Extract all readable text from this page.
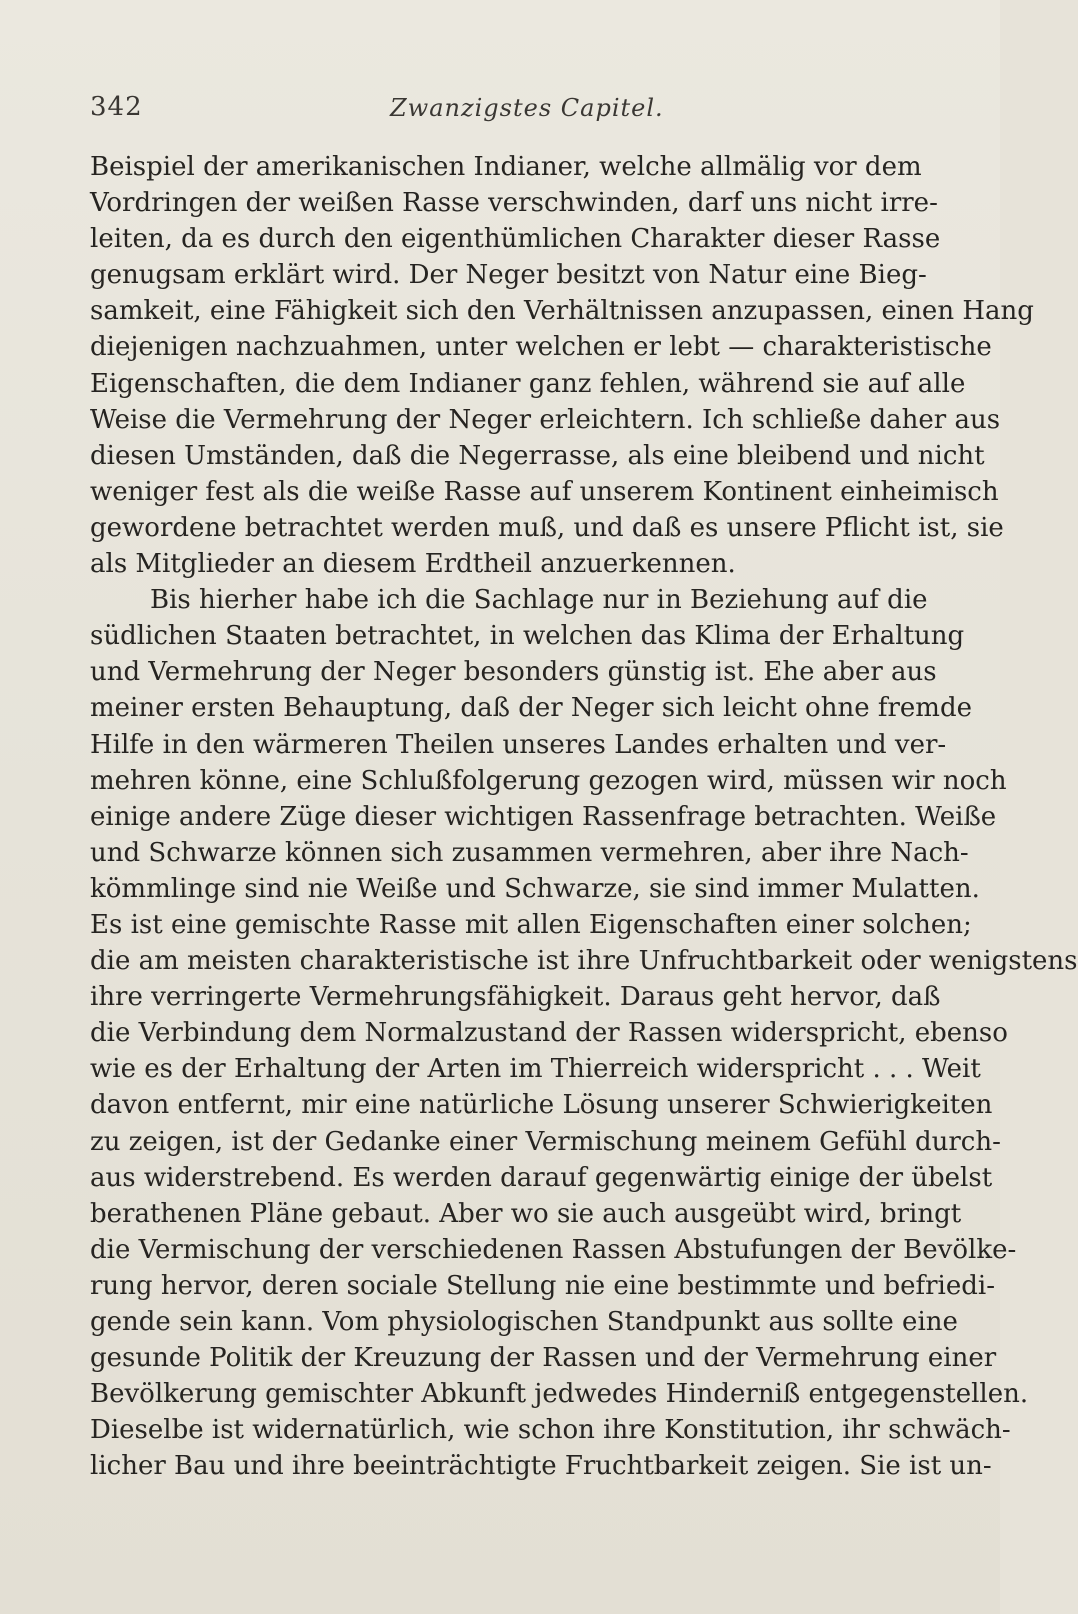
342	Zwanzigstes Capitel.
Beispiel der amerikanischen Indianer, welche allmälig vor dem
Vordringen der weißen Rasse verschwinden, darf uns nicht irre-
leiten, da es durch den eigenthümlichen Charakter dieser Rasse
genugsam erklärt wird. Der Neger besitzt von Natur eine Bieg-
samkeit, eine Fähigkeit sich den Verhältnissen anzupassen, einen Hang
diejenigen nachzuahmen, unter welchen er lebt — charakteristische
Eigenschaften, die dem Indianer ganz fehlen, während sie auf alle
Weise die Vermehrung der Neger erleichtern. Ich schließe daher aus
diesen Umständen, daß die Negerrasse, als eine bleibend und nicht
weniger fest als die weiße Rasse auf unserem Kontinent einheimisch
gewordene betrachtet werden muß, und daß es unsere Pflicht ist, sie
als Mitglieder an diesem Erdtheil anzuerkennen.
Bis hierher habe ich die Sachlage nur in Beziehung auf die
südlichen Staaten betrachtet, in welchen das Klima der Erhaltung
und Vermehrung der Neger besonders günstig ist. Ehe aber aus
meiner ersten Behauptung, daß der Neger sich leicht ohne fremde
Hilfe in den wärmeren Theilen unseres Landes erhalten und ver-
mehren könne, eine Schlußfolgerung gezogen wird, müssen wir noch
einige andere Züge dieser wichtigen Rassenfrage betrachten. Weiße
und Schwarze können sich zusammen vermehren, aber ihre Nach-
kömmlinge sind nie Weiße und Schwarze, sie sind immer Mulatten.
Es ist eine gemischte Rasse mit allen Eigenschaften einer solchen;
die am meisten charakteristische ist ihre Unfruchtbarkeit oder wenigstens
ihre verringerte Vermehrungsfähigkeit. Daraus geht hervor, daß
die Verbindung dem Normalzustand der Rassen widerspricht, ebenso
wie es der Erhaltung der Arten im Thierreich widerspricht . . . Weit
davon entfernt, mir eine natürliche Lösung unserer Schwierigkeiten
zu zeigen, ist der Gedanke einer Vermischung meinem Gefühl durch-
aus widerstrebend. Es werden darauf gegenwärtig einige der übelst
berathenen Pläne gebaut. Aber wo sie auch ausgeübt wird, bringt
die Vermischung der verschiedenen Rassen Abstufungen der Bevölke-
rung hervor, deren sociale Stellung nie eine bestimmte und befriedi-
gende sein kann. Vom physiologischen Standpunkt aus sollte eine
gesunde Politik der Kreuzung der Rassen und der Vermehrung einer
Bevölkerung gemischter Abkunft jedwedes Hinderniß entgegenstellen.
Dieselbe ist widernatürlich, wie schon ihre Konstitution, ihr schwäch-
licher Bau und ihre beeinträchtigte Fruchtbarkeit zeigen. Sie ist un-
